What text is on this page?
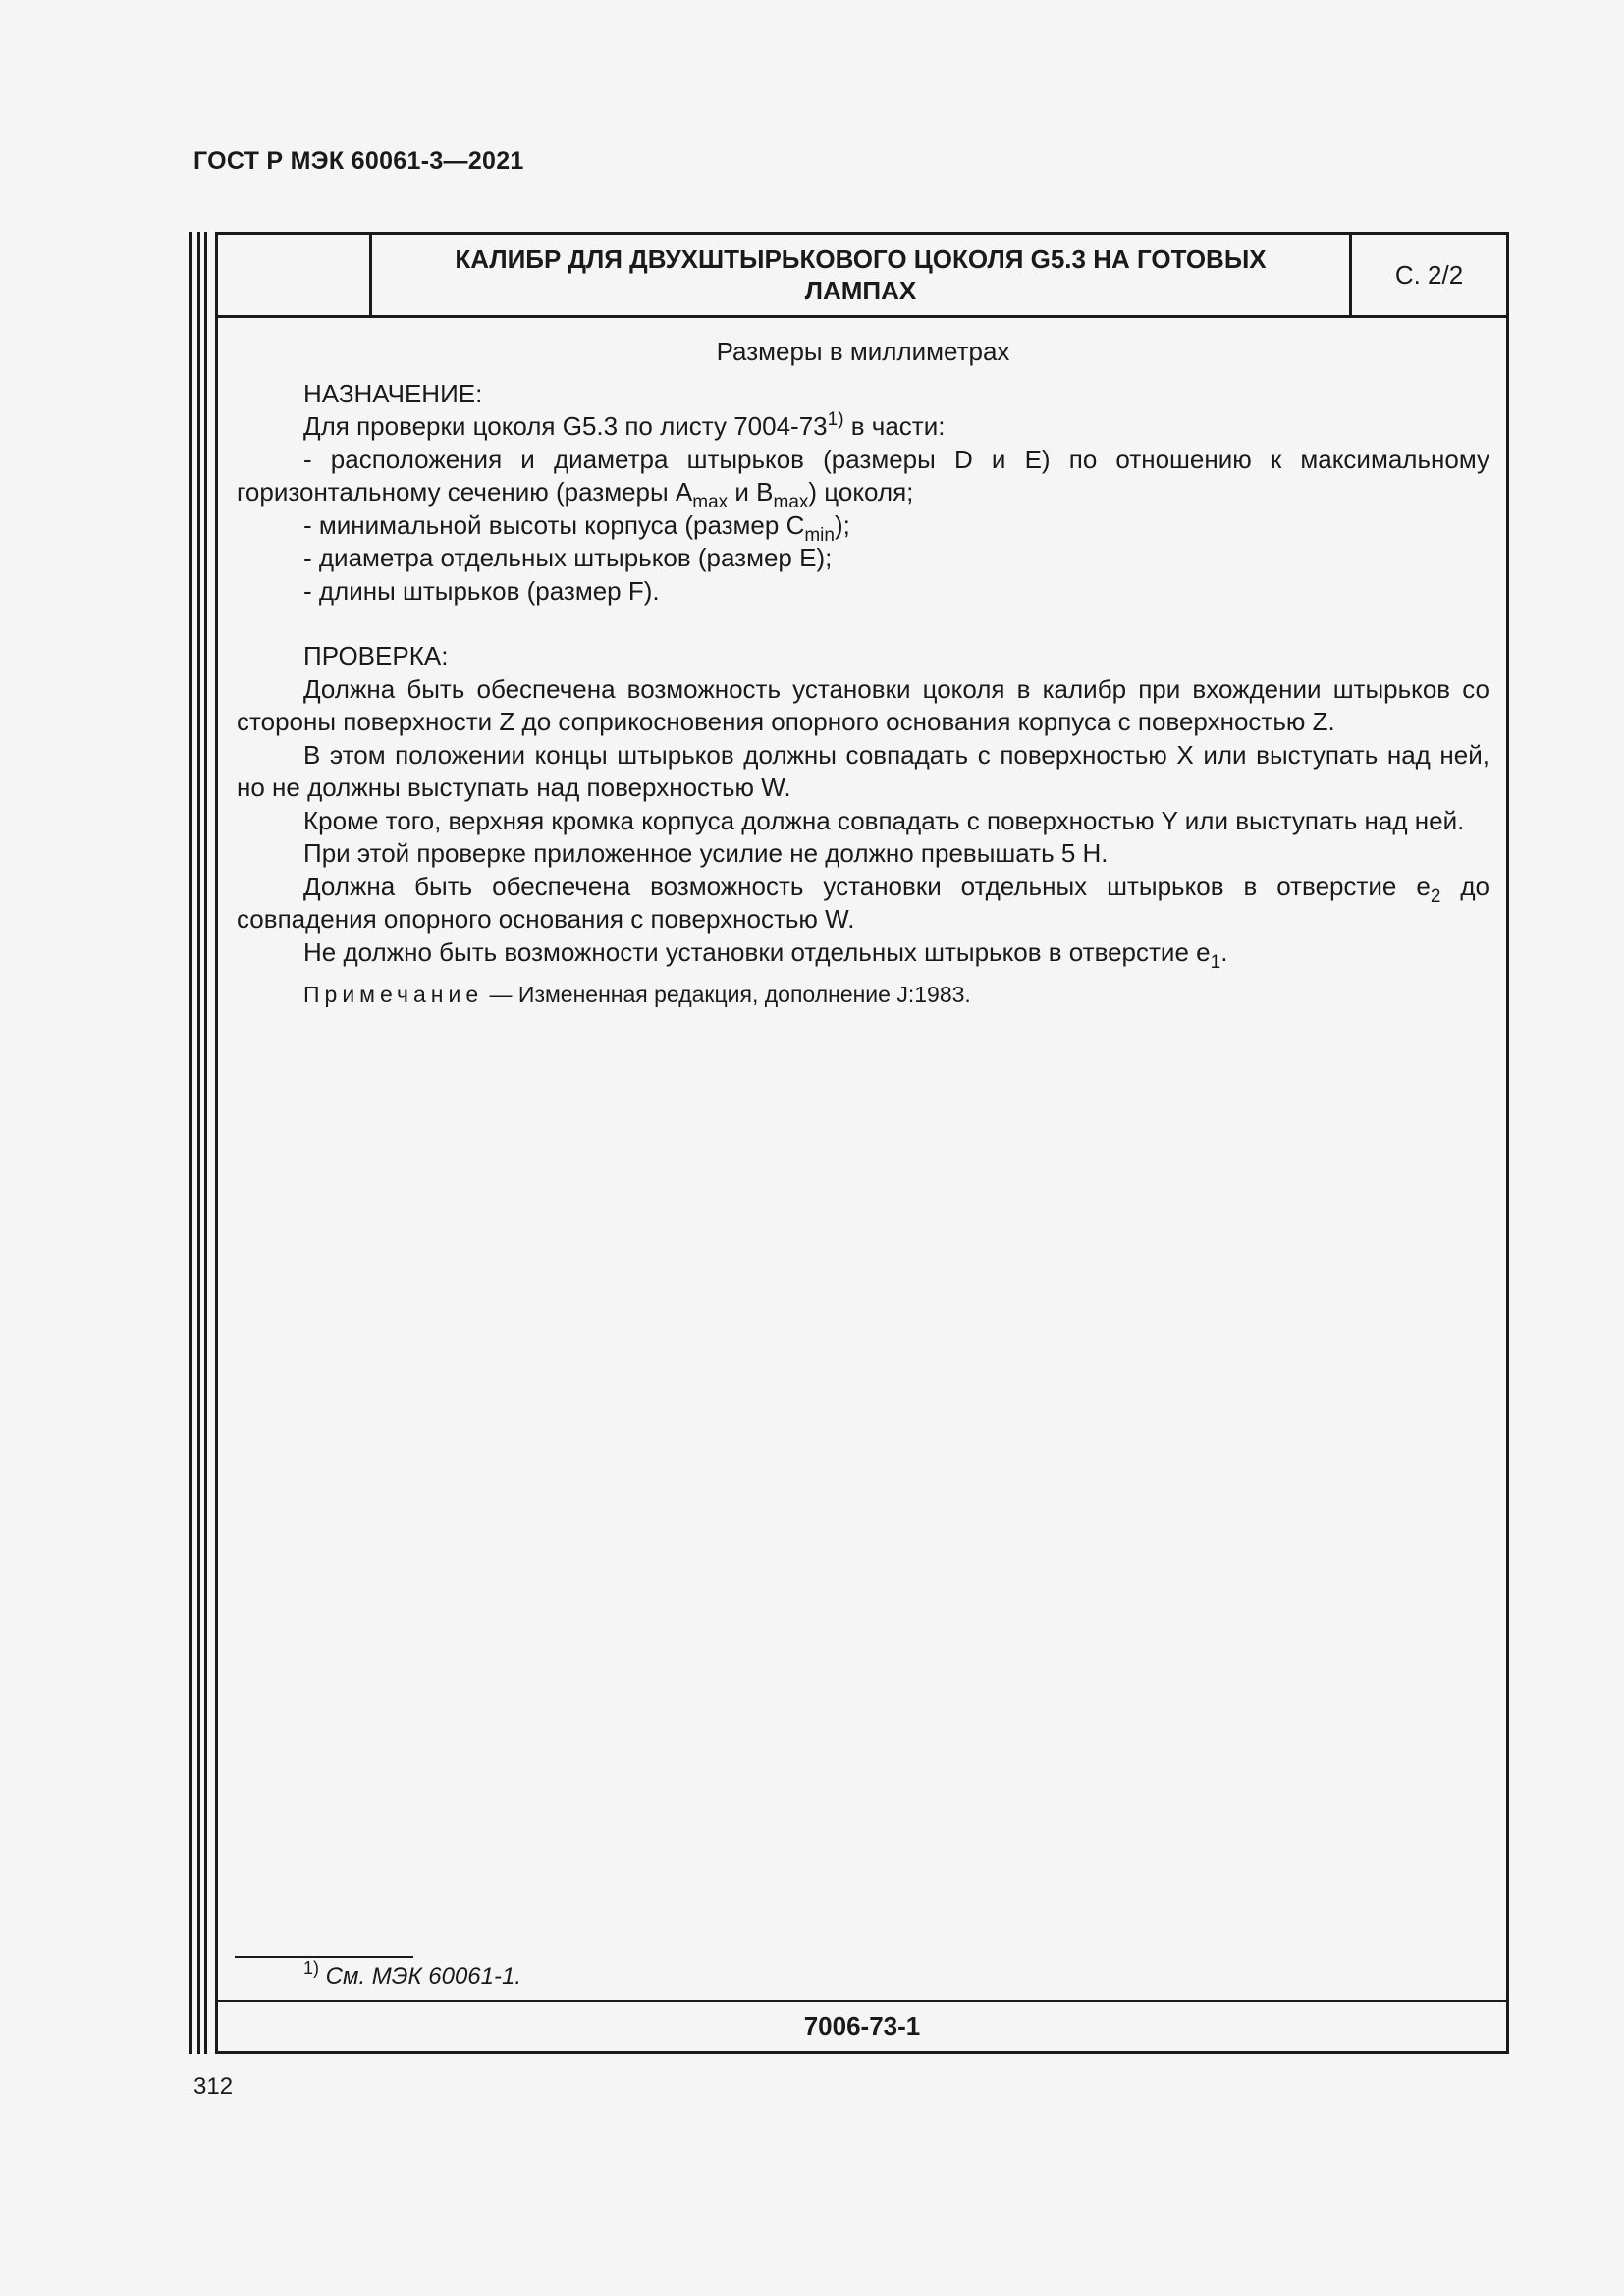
ГОСТ Р МЭК 60061-3—2021
КАЛИБР ДЛЯ ДВУХШТЫРЬКОВОГО ЦОКОЛЯ G5.3 НА ГОТОВЫХ ЛАМПАХ
С. 2/2

Размеры в миллиметрах

НАЗНАЧЕНИЕ:

Для проверки цоколя G5.3 по листу 7004-73$^{1)}$ в части:

- расположения и диаметра штырьков (размеры D и E) по отношению к максимальному горизонтальному сечению (размеры $A_{max}$ и $B_{max}$) цоколя;

- минимальной высоты корпуса (размер $C_{min}$);

- диаметра отдельных штырьков (размер E);

- длины штырьков (размер F).

ПРОВЕРКА:

Должна быть обеспечена возможность установки цоколя в калибр при вхождении штырьков со стороны поверхности Z до соприкосновения опорного основания корпуса с поверхностью Z.

В этом положении концы штырьков должны совпадать с поверхностью X или выступать над ней, но не должны выступать над поверхностью W.

Кроме того, верхняя кромка корпуса должна совпадать с поверхностью Y или выступать над ней.

При этой проверке приложенное усилие не должно превышать 5 Н.

Должна быть обеспечена возможность установки отдельных штырьков в отверстие $e_2$ до совпадения опорного основания с поверхностью W.

Не должно быть возможности установки отдельных штырьков в отверстие $e_1$.

Примечание — Измененная редакция, дополнение J:1983.

$^{1)}$ См. МЭК 60061-1.
7006-73-1
312
